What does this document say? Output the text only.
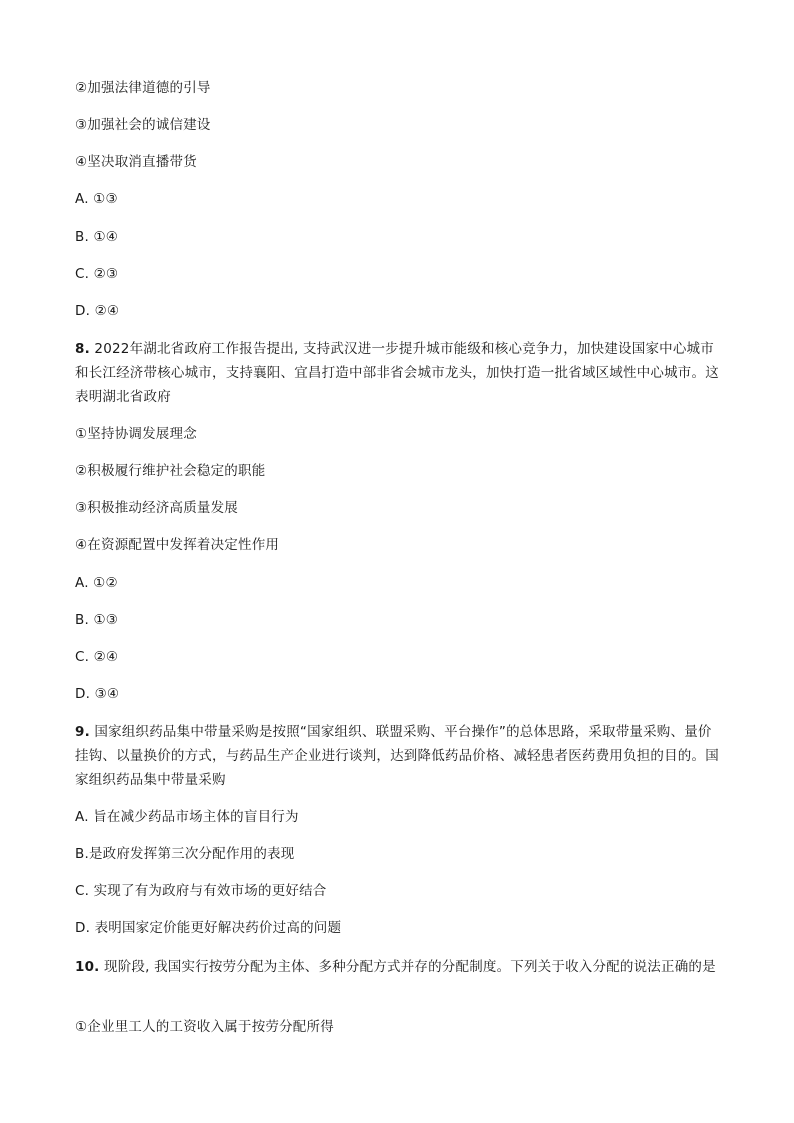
②加强法律道德的引导
③加强社会的诚信建设
④坚决取消直播带货
A. ①③
B. ①④
C. ②③
D. ②④
8. 2022年湖北省政府工作报告提出, 支持武汉进一步提升城市能级和核心竞争力，加快建设国家中心城市和长江经济带核心城市，支持襄阳、宜昌打造中部非省会城市龙头，加快打造一批省域区域性中心城市。这表明湖北省政府
①坚持协调发展理念
②积极履行维护社会稳定的职能
③积极推动经济高质量发展
④在资源配置中发挥着决定性作用
A. ①②
B. ①③
C. ②④
D. ③④
9. 国家组织药品集中带量采购是按照“国家组织、联盟采购、平台操作”的总体思路，采取带量采购、量价挂钩、以量换价的方式，与药品生产企业进行谈判，达到降低药品价格、减轻患者医药费用负担的目的。国家组织药品集中带量采购
A. 旨在减少药品市场主体的盲目行为
B.是政府发挥第三次分配作用的表现
C. 实现了有为政府与有效市场的更好结合
D. 表明国家定价能更好解决药价过高的问题
10. 现阶段, 我国实行按劳分配为主体、多种分配方式并存的分配制度。下列关于收入分配的说法正确的是
①企业里工人的工资收入属于按劳分配所得
